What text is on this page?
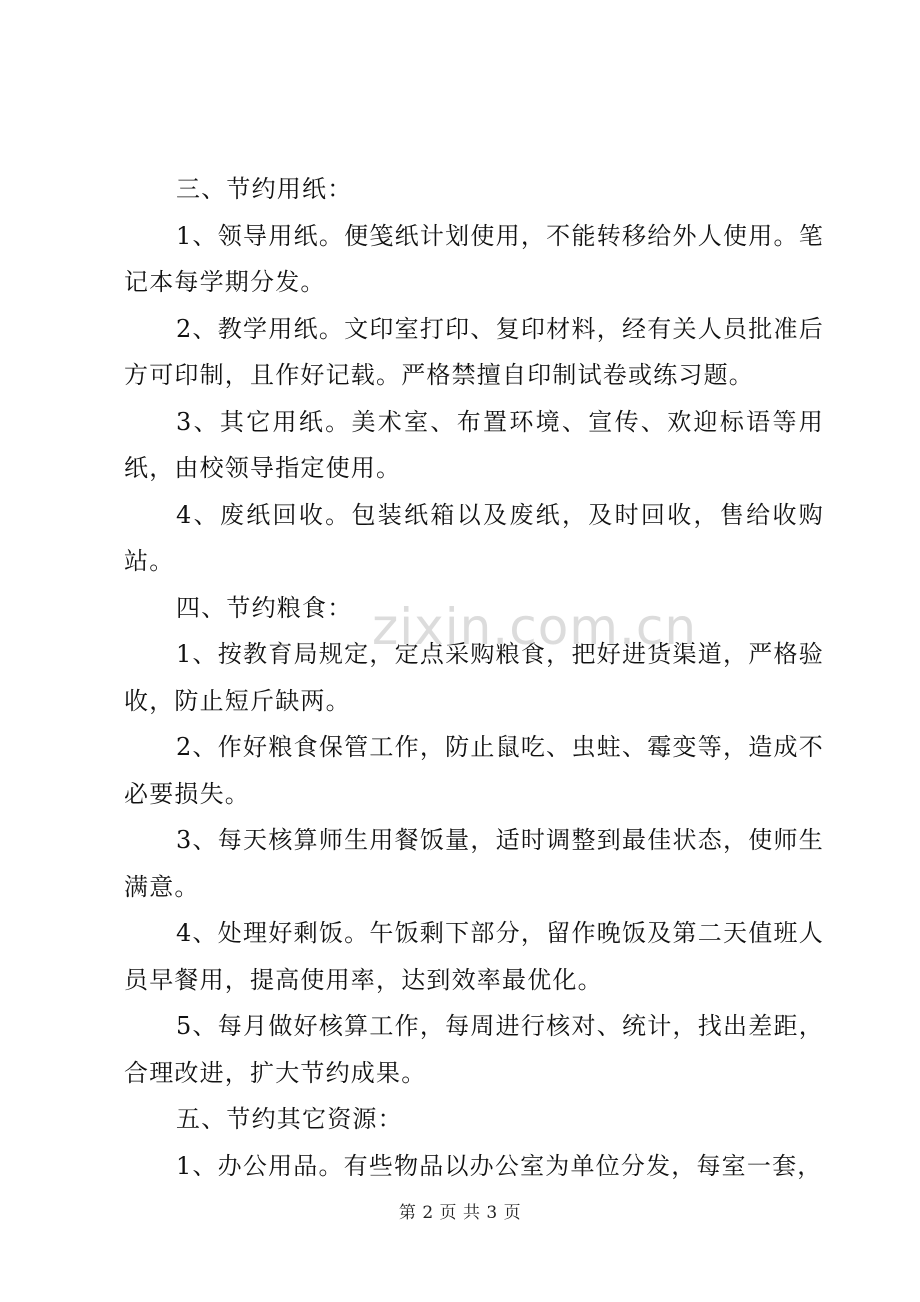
三、节约用纸：

1、领导用纸。便笺纸计划使用，不能转移给外人使用。笔记本每学期分发。

2、教学用纸。文印室打印、复印材料，经有关人员批准后方可印制，且作好记载。严格禁擅自印制试卷或练习题。

3、其它用纸。美术室、布置环境、宣传、欢迎标语等用纸，由校领导指定使用。

4、废纸回收。包装纸箱以及废纸，及时回收，售给收购站。

四、节约粮食：

1、按教育局规定，定点采购粮食，把好进货渠道，严格验收，防止短斤缺两。

2、作好粮食保管工作，防止鼠吃、虫蛀、霉变等，造成不必要损失。

3、每天核算师生用餐饭量，适时调整到最佳状态，使师生满意。

4、处理好剩饭。午饭剩下部分，留作晚饭及第二天值班人员早餐用，提高使用率，达到效率最优化。

5、每月做好核算工作，每周进行核对、统计，找出差距，合理改进，扩大节约成果。

五、节约其它资源：

1、办公用品。有些物品以办公室为单位分发，每室一套，

zixin.com.cn
第 2 页 共 3 页
